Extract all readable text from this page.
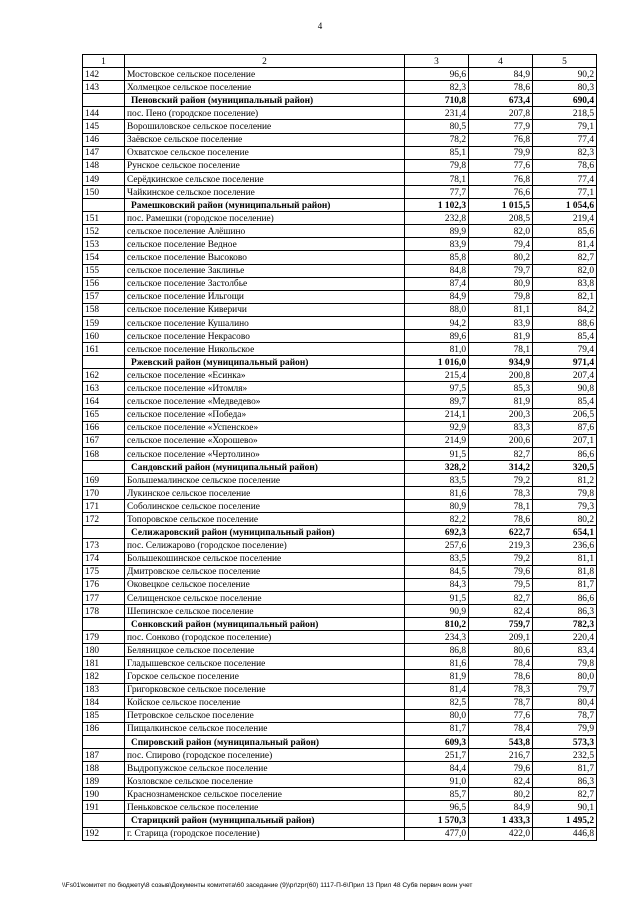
4
1	2	3	4	5
142	Мостовское сельское поселение	96,6	84,9	90,2
143	Холмецкое сельское поселение	82,3	78,6	80,3
	Пеновский район (муниципальный район)	710,8	673,4	690,4
144	пос. Пено (городское поселение)	231,4	207,8	218,5
145	Ворошиловское сельское поселение	80,5	77,9	79,1
146	Заёвское сельское поселение	78,2	76,8	77,4
147	Охватское сельское поселение	85,1	79,9	82,3
148	Рунское сельское поселение	79,8	77,6	78,6
149	Серёдкинское сельское поселение	78,1	76,8	77,4
150	Чайкинское сельское поселение	77,7	76,6	77,1
	Рамешковский район (муниципальный район)	1 102,3	1 015,5	1 054,6
151	пос. Рамешки (городское поселение)	232,8	208,5	219,4
152	сельское поселение Алёшино	89,9	82,0	85,6
153	сельское поселение Ведное	83,9	79,4	81,4
154	сельское поселение Высоково	85,8	80,2	82,7
155	сельское поселение Заклинье	84,8	79,7	82,0
156	сельское поселение Застолбье	87,4	80,9	83,8
157	сельское поселение Ильгощи	84,9	79,8	82,1
158	сельское поселение Киверичи	88,0	81,1	84,2
159	сельское поселение Кушалино	94,2	83,9	88,6
160	сельское поселение Некрасово	89,6	81,9	85,4
161	сельское поселение Никольское	81,0	78,1	79,4
	Ржевский район (муниципальный район)	1 016,0	934,9	971,4
162	сельское поселение «Есинка»	215,4	200,8	207,4
163	сельское поселение «Итомля»	97,5	85,3	90,8
164	сельское поселение «Медведево»	89,7	81,9	85,4
165	сельское поселение «Победа»	214,1	200,3	206,5
166	сельское поселение «Успенское»	92,9	83,3	87,6
167	сельское поселение «Хорошево»	214,9	200,6	207,1
168	сельское поселение «Чертолино»	91,5	82,7	86,6
	Сандовский район (муниципальный район)	328,2	314,2	320,5
169	Большемалинское сельское поселение	83,5	79,2	81,2
170	Лукинское сельское поселение	81,6	78,3	79,8
171	Соболинское сельское поселение	80,9	78,1	79,3
172	Топоровское сельское поселение	82,2	78,6	80,2
	Селижаровский район (муниципальный район)	692,3	622,7	654,1
173	пос. Селижарово (городское поселение)	257,6	219,3	236,6
174	Большекошинское сельское поселение	83,5	79,2	81,1
175	Дмитровское сельское поселение	84,5	79,6	81,8
176	Оковецкое сельское поселение	84,3	79,5	81,7
177	Селищенское сельское поселение	91,5	82,7	86,6
178	Шепинское сельское поселение	90,9	82,4	86,3
	Сонковский район (муниципальный район)	810,2	759,7	782,3
179	пос. Сонково (городское поселение)	234,3	209,1	220,4
180	Беляницкое сельское поселение	86,8	80,6	83,4
181	Гладышевское сельское поселение	81,6	78,4	79,8
182	Горское сельское поселение	81,9	78,6	80,0
183	Григорковское сельское поселение	81,4	78,3	79,7
184	Койское сельское поселение	82,5	78,7	80,4
185	Петровское сельское поселение	80,0	77,6	78,7
186	Пищалкинское сельское поселение	81,7	78,4	79,9
	Спировский район (муниципальный район)	609,3	543,8	573,3
187	пос. Спирово (городское поселение)	251,7	216,7	232,5
188	Выдропужское сельское поселение	84,4	79,6	81,7
189	Козловское сельское поселение	91,0	82,4	86,3
190	Краснознаменское сельское поселение	85,7	80,2	82,7
191	Пеньковское сельское поселение	96,5	84,9	90,1
	Старицкий район (муниципальный район)	1 570,3	1 433,3	1 495,2
192	г. Старица (городское поселение)	477,0	422,0	446,8
\\Fs01\комитет по бюджету\8 созыв\Документы комитета\60 заседание (9)\pr\zpr(60) 1117-П-6\Прил 13 Прил 48 Субв первич воин учет
